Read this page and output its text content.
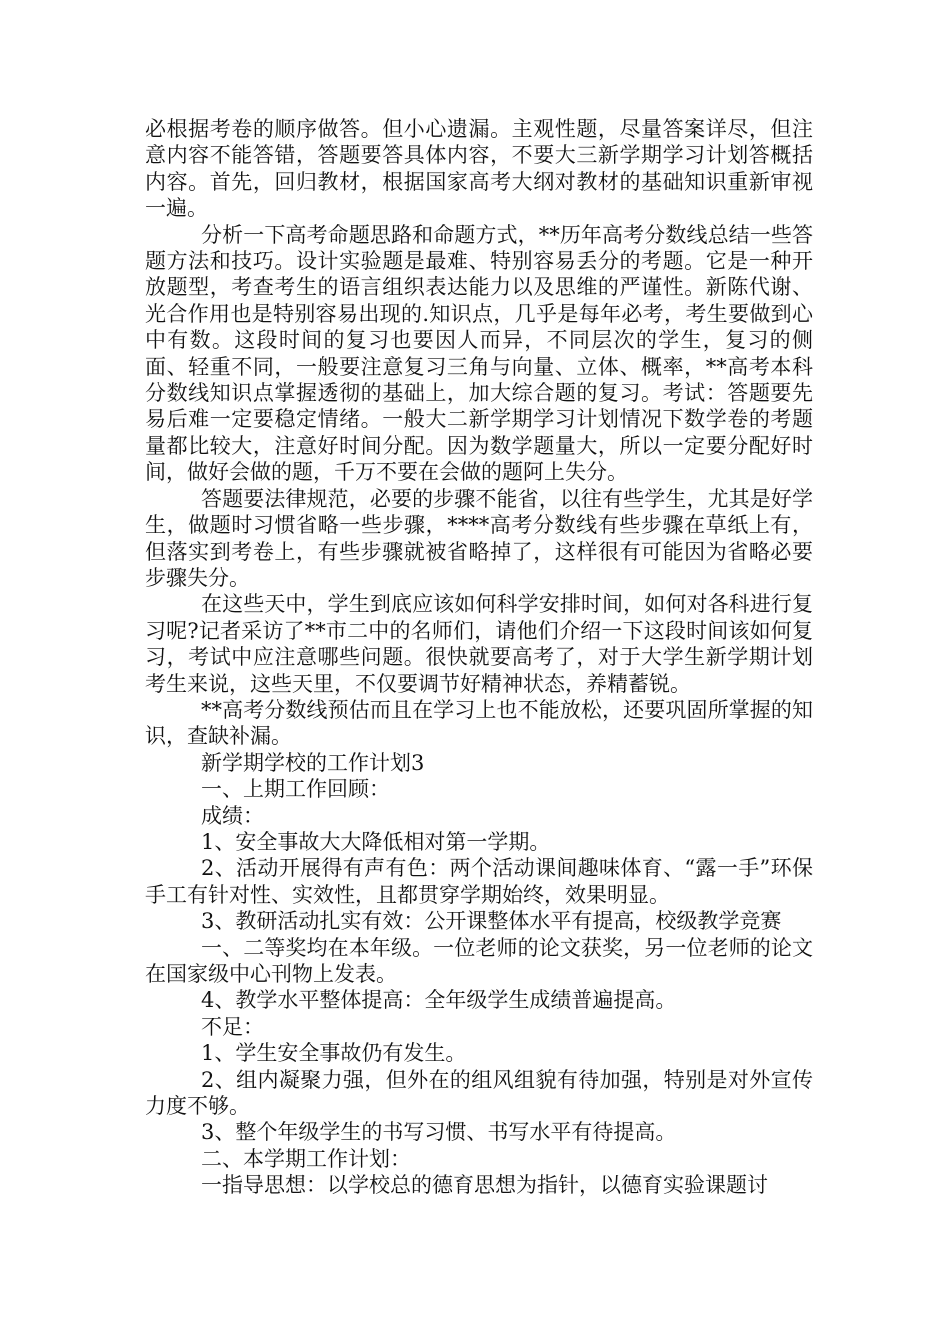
必根据考卷的顺序做答。但小心遗漏。主观性题，尽量答案详尽，但注意内容不能答错，答题要答具体内容，不要大三新学期学习计划答概括内容。首先，回归教材，根据国家高考大纲对教材的基础知识重新审视一遍。

分析一下高考命题思路和命题方式，**历年高考分数线总结一些答题方法和技巧。设计实验题是最难、特别容易丢分的考题。它是一种开放题型，考查考生的语言组织表达能力以及思维的严谨性。新陈代谢、光合作用也是特别容易出现的.知识点，几乎是每年必考，考生要做到心中有数。这段时间的复习也要因人而异，不同层次的学生，复习的侧面、轻重不同，一般要注意复习三角与向量、立体、概率，**高考本科分数线知识点掌握透彻的基础上，加大综合题的复习。考试：答题要先易后难一定要稳定情绪。一般大二新学期学习计划情况下数学卷的考题量都比较大，注意好时间分配。因为数学题量大，所以一定要分配好时间，做好会做的题，千万不要在会做的题阿上失分。

答题要法律规范，必要的步骤不能省，以往有些学生，尤其是好学生，做题时习惯省略一些步骤，****高考分数线有些步骤在草纸上有，但落实到考卷上，有些步骤就被省略掉了，这样很有可能因为省略必要步骤失分。

在这些天中，学生到底应该如何科学安排时间，如何对各科进行复习呢?记者采访了**市二中的名师们，请他们介绍一下这段时间该如何复习，考试中应注意哪些问题。很快就要高考了，对于大学生新学期计划考生来说，这些天里，不仅要调节好精神状态，养精蓄锐。

**高考分数线预估而且在学习上也不能放松，还要巩固所掌握的知识，查缺补漏。

新学期学校的工作计划3

一、上期工作回顾：

成绩：

1、安全事故大大降低相对第一学期。

2、活动开展得有声有色：两个活动课间趣味体育、“露一手”环保手工有针对性、实效性，且都贯穿学期始终，效果明显。

3、教研活动扎实有效：公开课整体水平有提高，校级教学竞赛

一、二等奖均在本年级。一位老师的论文获奖，另一位老师的论文在国家级中心刊物上发表。

4、教学水平整体提高：全年级学生成绩普遍提高。

不足：

1、学生安全事故仍有发生。

2、组内凝聚力强，但外在的组风组貌有待加强，特别是对外宣传力度不够。

3、整个年级学生的书写习惯、书写水平有待提高。

二、本学期工作计划：

一指导思想：以学校总的德育思想为指针，以德育实验课题讨
